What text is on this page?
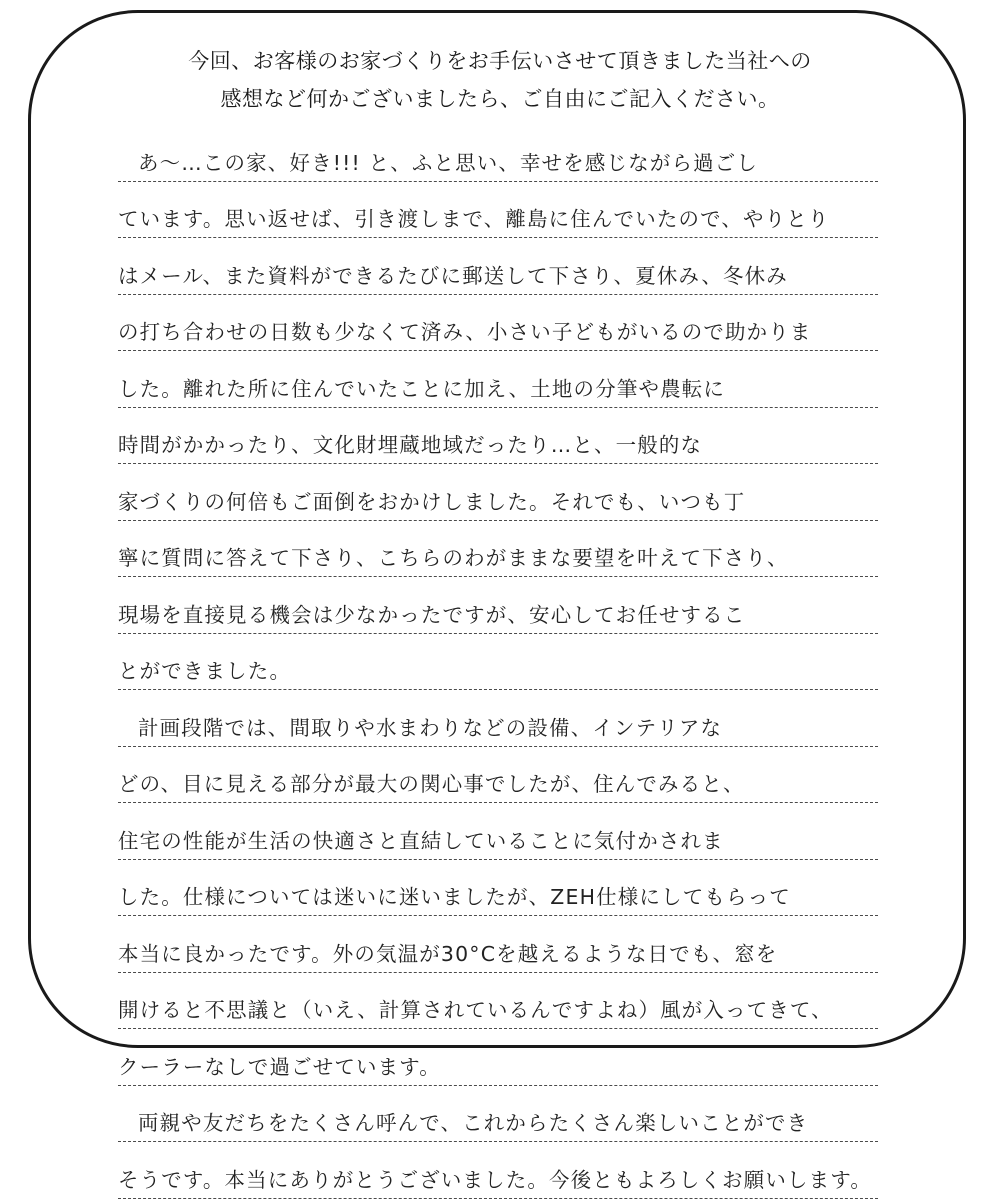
今回、お客様のお家づくりをお手伝いさせて頂きました当社への
感想など何かございましたら、ご自由にご記入ください。
あ～…この家、好き!!! と、ふと思い、幸せを感じながら過ごし
ています。思い返せば、引き渡しまで、離島に住んでいたので、やりとり
はメール、また資料ができるたびに郵送して下さり、夏休み、冬休み
の打ち合わせの日数も少なくて済み、小さい子どもがいるので助かりま
した。離れた所に住んでいたことに加え、土地の分筆や農転に
時間がかかったり、文化財埋蔵地域だったり…と、一般的な
家づくりの何倍もご面倒をおかけしました。それでも、いつも丁
寧に質問に答えて下さり、こちらのわがままな要望を叶えて下さり、
現場を直接見る機会は少なかったですが、安心してお任せするこ
とができました。
計画段階では、間取りや水まわりなどの設備、インテリアな
どの、目に見える部分が最大の関心事でしたが、住んでみると、
住宅の性能が生活の快適さと直結していることに気付かされま
した。仕様については迷いに迷いましたが、ZEH仕様にしてもらって
本当に良かったです。外の気温が30°Cを越えるような日でも、窓を
開けると不思議と（いえ、計算されているんですよね）風が入ってきて、
クーラーなしで過ごせています。
両親や友だちをたくさん呼んで、これからたくさん楽しいことができ
そうです。本当にありがとうございました。今後ともよろしくお願いします。
